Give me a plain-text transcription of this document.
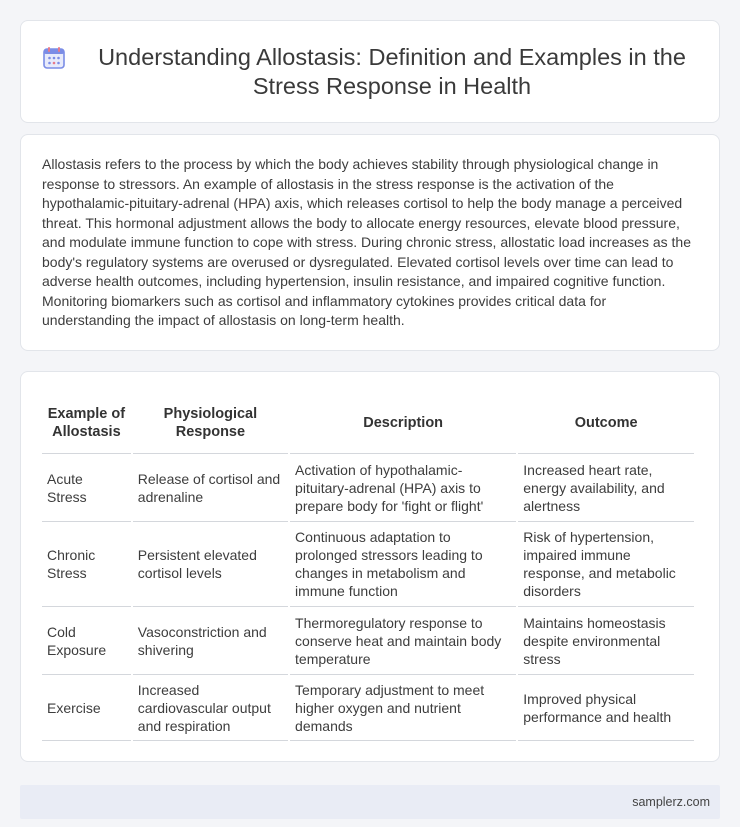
Understanding Allostasis: Definition and Examples in the Stress Response in Health

Allostasis refers to the process by which the body achieves stability through physiological change in response to stressors. An example of allostasis in the stress response is the activation of the hypothalamic-pituitary-adrenal (HPA) axis, which releases cortisol to help the body manage a perceived threat. This hormonal adjustment allows the body to allocate energy resources, elevate blood pressure, and modulate immune function to cope with stress. During chronic stress, allostatic load increases as the body's regulatory systems are overused or dysregulated. Elevated cortisol levels over time can lead to adverse health outcomes, including hypertension, insulin resistance, and impaired cognitive function. Monitoring biomarkers such as cortisol and inflammatory cytokines provides critical data for understanding the impact of allostasis on long-term health.

Example of Allostasis	Physiological Response	Description	Outcome
Acute Stress	Release of cortisol and adrenaline	Activation of hypothalamic-pituitary-adrenal (HPA) axis to prepare body for 'fight or flight'	Increased heart rate, energy availability, and alertness
Chronic Stress	Persistent elevated cortisol levels	Continuous adaptation to prolonged stressors leading to changes in metabolism and immune function	Risk of hypertension, impaired immune response, and metabolic disorders
Cold Exposure	Vasoconstriction and shivering	Thermoregulatory response to conserve heat and maintain body temperature	Maintains homeostasis despite environmental stress
Exercise	Increased cardiovascular output and respiration	Temporary adjustment to meet higher oxygen and nutrient demands	Improved physical performance and health
samplerz.com
